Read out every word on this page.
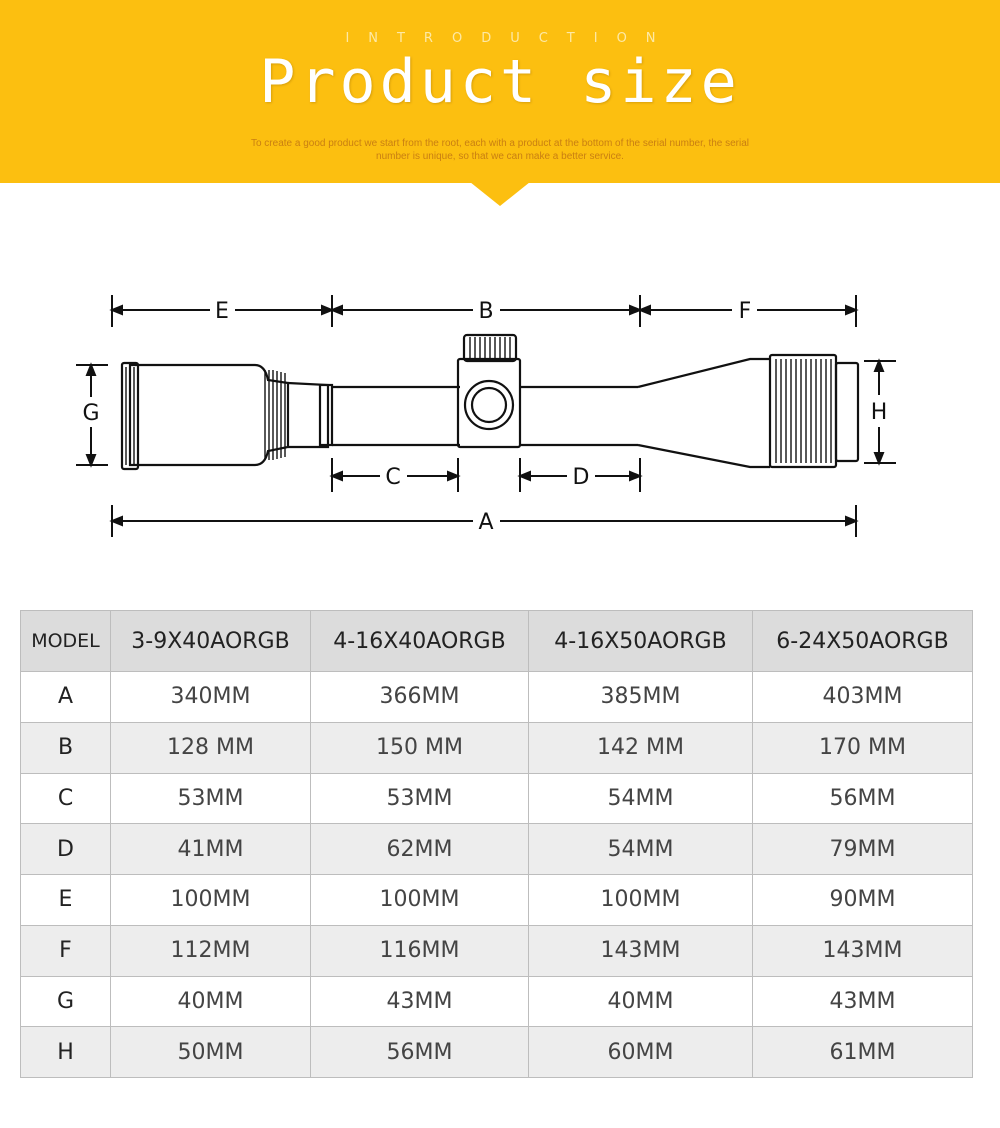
INTRODUCTION
Product size
To create a good product we start from the root, each with a product at the bottom of the serial number, the serial number is unique, so that we can make a better service.
E	B	F
C	D
A
G	H
MODEL	3-9X40AORGB	4-16X40AORGB	4-16X50AORGB	6-24X50AORGB
A	340MM	366MM	385MM	403MM
B	128 MM	150 MM	142 MM	170 MM
C	53MM	53MM	54MM	56MM
D	41MM	62MM	54MM	79MM
E	100MM	100MM	100MM	90MM
F	112MM	116MM	143MM	143MM
G	40MM	43MM	40MM	43MM
H	50MM	56MM	60MM	61MM
